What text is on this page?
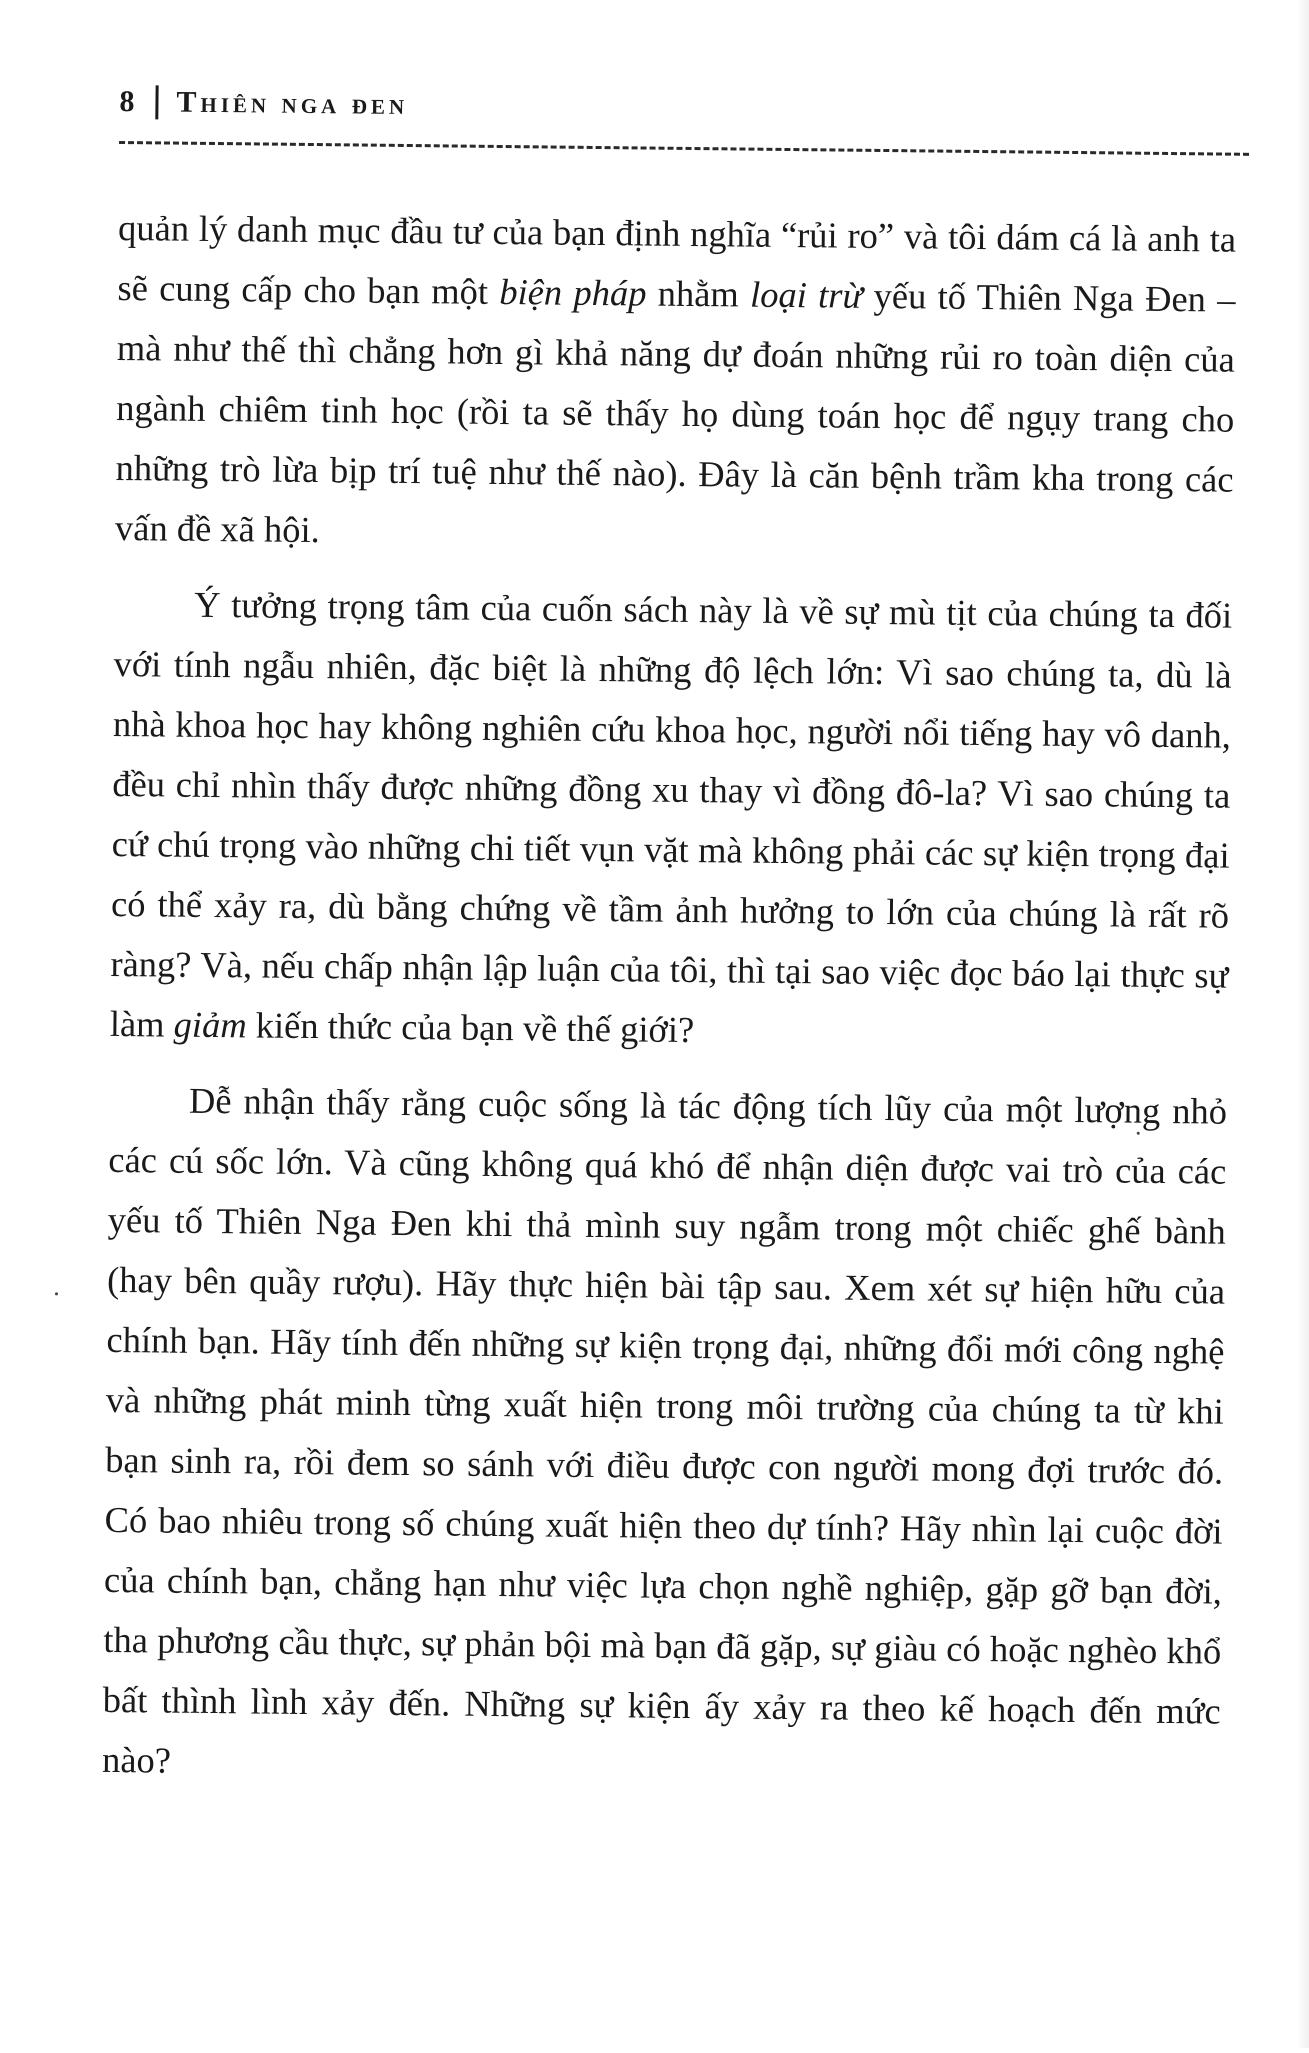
8 Thiên nga đen

quản lý danh mục đầu tư của bạn định nghĩa “rủi ro” và tôi dám cá là anh ta sẽ cung cấp cho bạn một biện pháp nhằm loại trừ yếu tố Thiên Nga Đen – mà như thế thì chẳng hơn gì khả năng dự đoán những rủi ro toàn diện của ngành chiêm tinh học (rồi ta sẽ thấy họ dùng toán học để ngụy trang cho những trò lừa bịp trí tuệ như thế nào). Đây là căn bệnh trầm kha trong các vấn đề xã hội.

Ý tưởng trọng tâm của cuốn sách này là về sự mù tịt của chúng ta đối với tính ngẫu nhiên, đặc biệt là những độ lệch lớn: Vì sao chúng ta, dù là nhà khoa học hay không nghiên cứu khoa học, người nổi tiếng hay vô danh, đều chỉ nhìn thấy được những đồng xu thay vì đồng đô-la? Vì sao chúng ta cứ chú trọng vào những chi tiết vụn vặt mà không phải các sự kiện trọng đại có thể xảy ra, dù bằng chứng về tầm ảnh hưởng to lớn của chúng là rất rõ ràng? Và, nếu chấp nhận lập luận của tôi, thì tại sao việc đọc báo lại thực sự làm giảm kiến thức của bạn về thế giới?

Dễ nhận thấy rằng cuộc sống là tác động tích lũy của một lượng nhỏ các cú sốc lớn. Và cũng không quá khó để nhận diện được vai trò của các yếu tố Thiên Nga Đen khi thả mình suy ngẫm trong một chiếc ghế bành (hay bên quầy rượu). Hãy thực hiện bài tập sau. Xem xét sự hiện hữu của chính bạn. Hãy tính đến những sự kiện trọng đại, những đổi mới công nghệ và những phát minh từng xuất hiện trong môi trường của chúng ta từ khi bạn sinh ra, rồi đem so sánh với điều được con người mong đợi trước đó. Có bao nhiêu trong số chúng xuất hiện theo dự tính? Hãy nhìn lại cuộc đời của chính bạn, chẳng hạn như việc lựa chọn nghề nghiệp, gặp gỡ bạn đời, tha phương cầu thực, sự phản bội mà bạn đã gặp, sự giàu có hoặc nghèo khổ bất thình lình xảy đến. Những sự kiện ấy xảy ra theo kế hoạch đến mức nào?
